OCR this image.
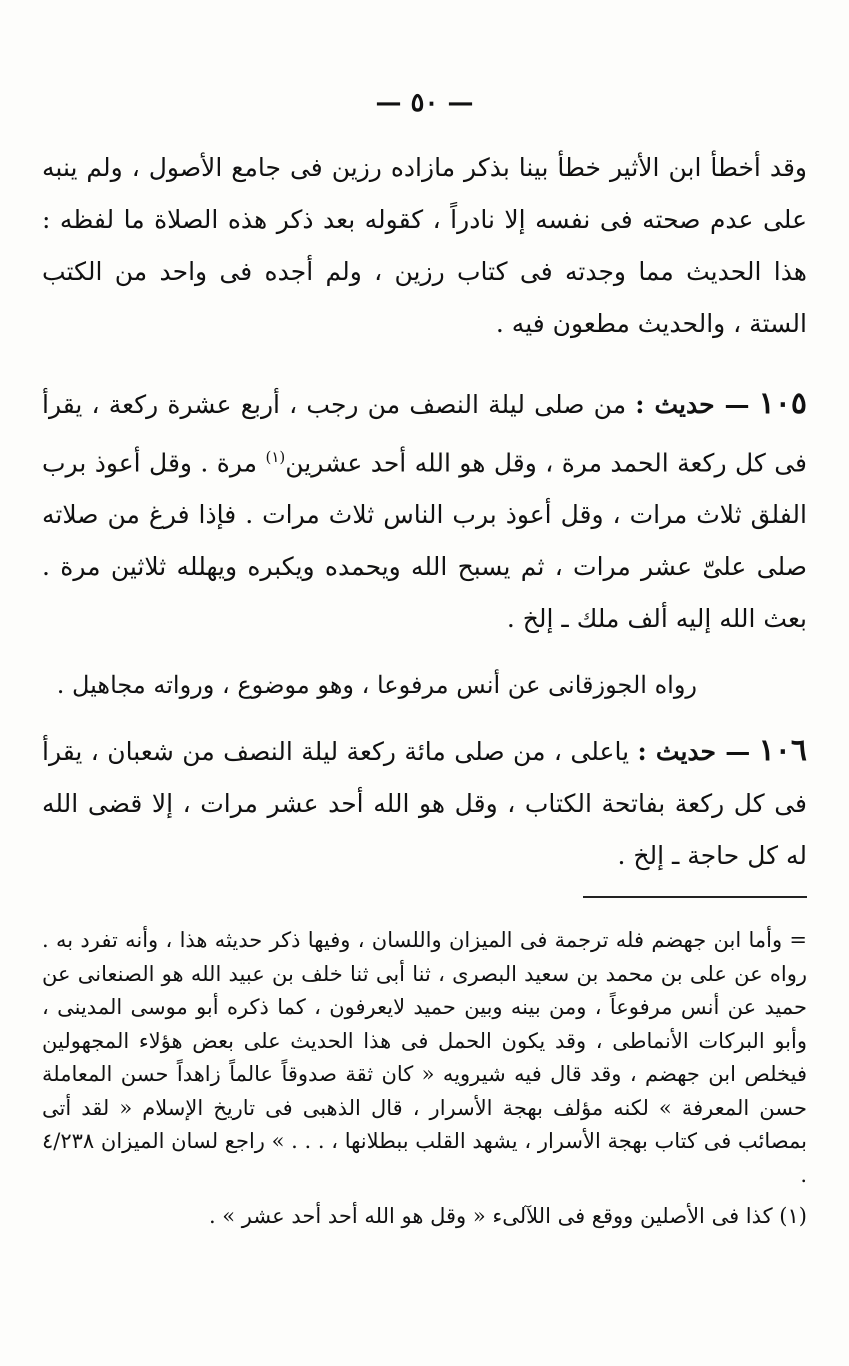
— ٥٠ —

وقد أخطأ ابن الأثير خطأ بينا بذكر مازاده رزين فى جامع الأصول ، ولم ينبه على عدم صحته فى نفسه إلا نادراً ، كقوله بعد ذكر هذه الصلاة ما لفظه : هذا الحديث مما وجدته فى كتاب رزين ، ولم أجده فى واحد من الكتب الستة ، والحديث مطعون فيه .

١٠٥ — حديث : من صلى ليلة النصف من رجب ، أربع عشرة ركعة ، يقرأ فى كل ركعة الحمد مرة ، وقل هو الله أحد عشرين$^{(١)}$ مرة . وقل أعوذ برب الفلق ثلاث مرات ، وقل أعوذ برب الناس ثلاث مرات . فإذا فرغ من صلاته صلى علىّ عشر مرات ، ثم يسبح الله ويحمده ويكبره ويهلله ثلاثين مرة . بعث الله إليه ألف ملك ـ إلخ .

رواه الجوزقانى عن أنس مرفوعا ، وهو موضوع ، ورواته مجاهيل .

١٠٦ — حديث : ياعلى ، من صلى مائة ركعة ليلة النصف من شعبان ، يقرأ فى كل ركعة بفاتحة الكتاب ، وقل هو الله أحد عشر مرات ، إلا قضى الله له كل حاجة ـ إلخ .

= وأما ابن جهضم فله ترجمة فى الميزان واللسان ، وفيها ذكر حديثه هذا ، وأنه تفرد به . رواه عن على بن محمد بن سعيد البصرى ، ثنا أبى ثنا خلف بن عبيد الله هو الصنعانى عن حميد عن أنس مرفوعاً ، ومن بينه وبين حميد لايعرفون ، كما ذكره أبو موسى المدينى ، وأبو البركات الأنماطى ، وقد يكون الحمل فى هذا الحديث على بعض هؤلاء المجهولين فيخلص ابن جهضم ، وقد قال فيه شيرويه « كان ثقة صدوقاً عالماً زاهداً حسن المعاملة حسن المعرفة » لكنه مؤلف بهجة الأسرار ، قال الذهبى فى تاريخ الإسلام « لقد أتى بمصائب فى كتاب بهجة الأسرار ، يشهد القلب ببطلانها ، . . . » راجع لسان الميزان ٤/٢٣٨ .

(١) كذا فى الأصلين ووقع فى اللآلىء « وقل هو الله أحد أحد عشر » .
